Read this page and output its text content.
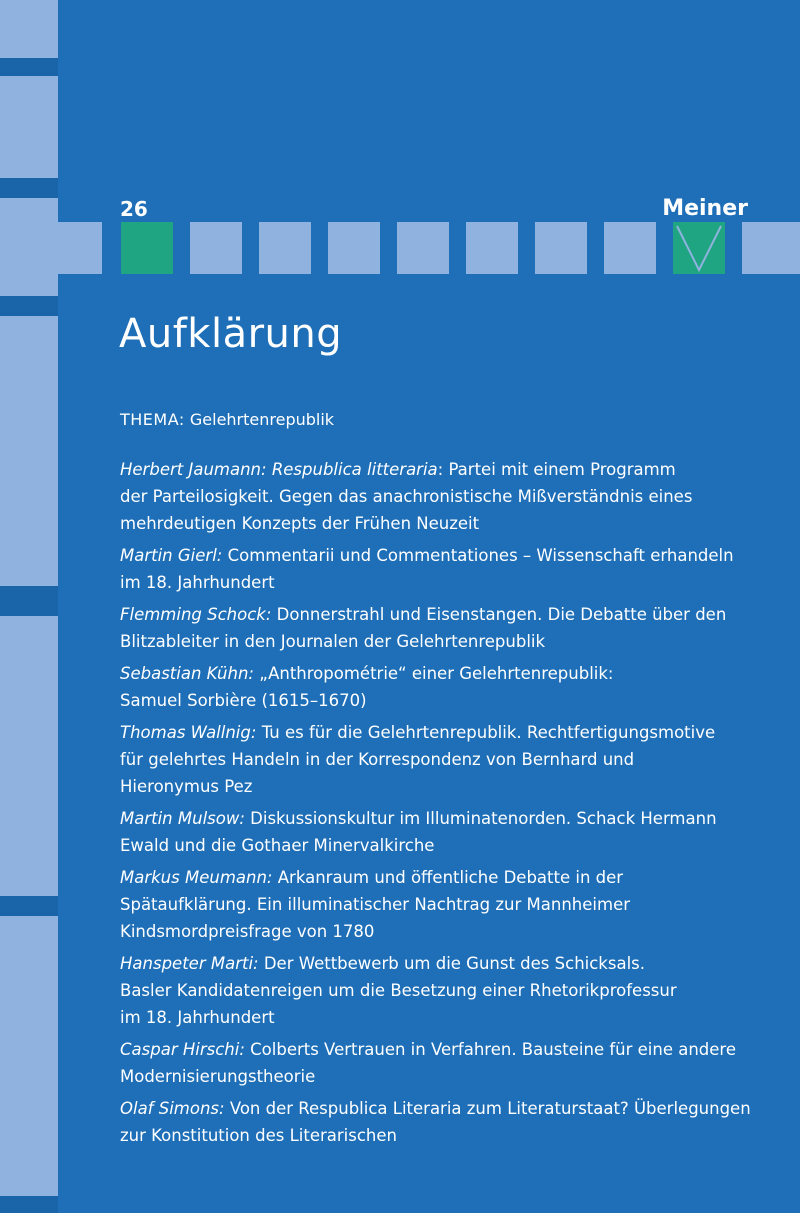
26	Meiner
Aufklärung
THEMA: Gelehrtenrepublik
Herbert Jaumann: Respublica litteraria: Partei mit einem Programm
der Parteilosigkeit. Gegen das anachronistische Mißverständnis eines
mehrdeutigen Konzepts der Frühen Neuzeit
Martin Gierl: Commentarii und Commentationes – Wissenschaft erhandeln
im 18. Jahrhundert
Flemming Schock: Donnerstrahl und Eisenstangen. Die Debatte über den
Blitzableiter in den Journalen der Gelehrtenrepublik
Sebastian Kühn: „Anthropométrie“ einer Gelehrtenrepublik:
Samuel Sorbière (1615–1670)
Thomas Wallnig: Tu es für die Gelehrtenrepublik. Rechtfertigungsmotive
für gelehrtes Handeln in der Korrespondenz von Bernhard und
Hieronymus Pez
Martin Mulsow: Diskussionskultur im Illuminatenorden. Schack Hermann
Ewald und die Gothaer Minervalkirche
Markus Meumann: Arkanraum und öffentliche Debatte in der
Spätaufklärung. Ein illuminatischer Nachtrag zur Mannheimer
Kindsmordpreisfrage von 1780
Hanspeter Marti: Der Wettbewerb um die Gunst des Schicksals.
Basler Kandidatenreigen um die Besetzung einer Rhetorikprofessur
im 18. Jahrhundert
Caspar Hirschi: Colberts Vertrauen in Verfahren. Bausteine für eine andere
Modernisierungstheorie
Olaf Simons: Von der Respublica Literaria zum Literaturstaat? Überlegungen
zur Konstitution des Literarischen
